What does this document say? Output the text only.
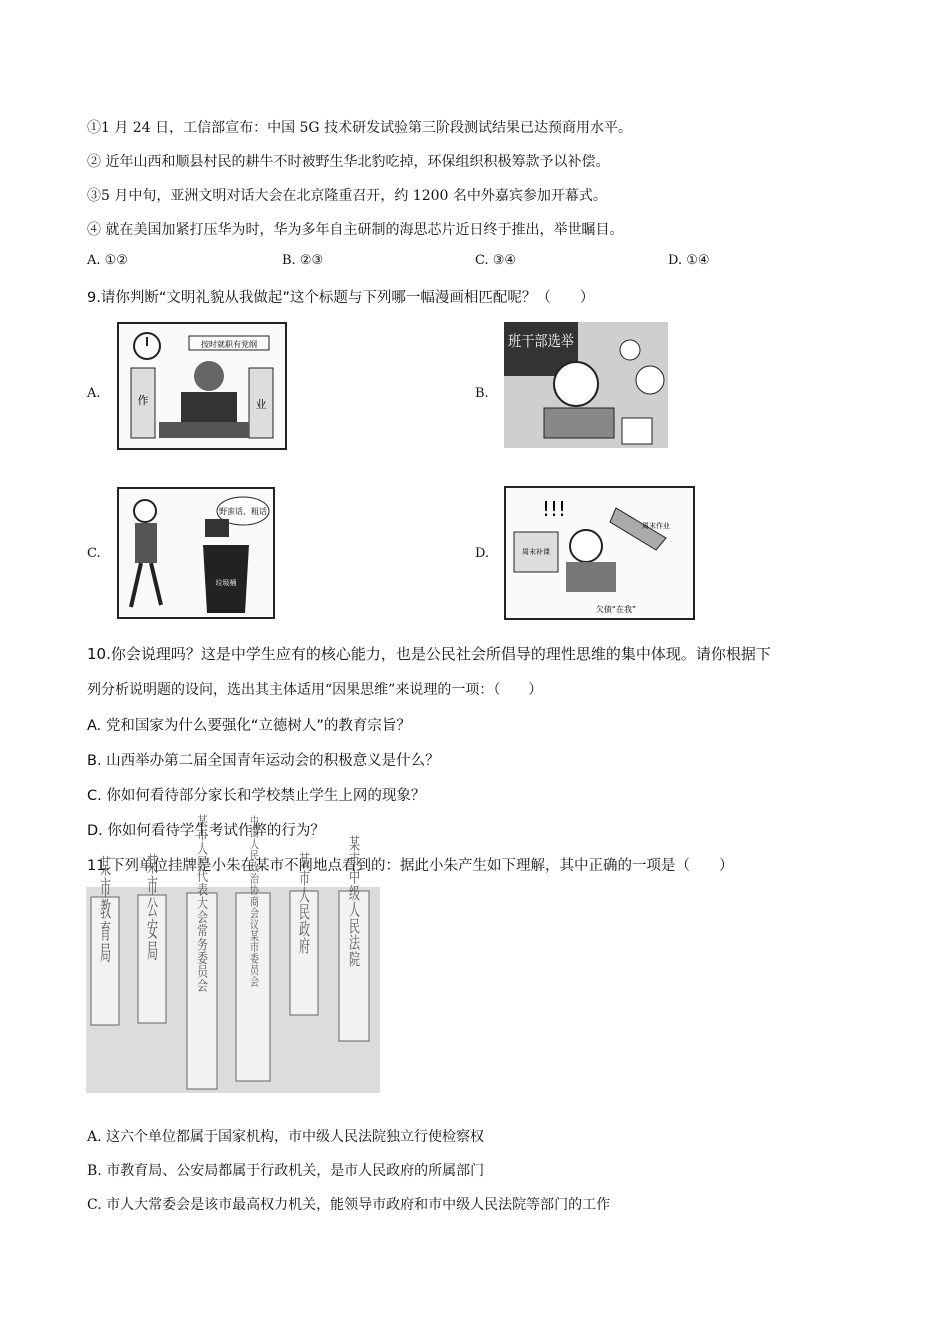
①1 月 24 日，工信部宣布：中国 5G 技术研发试验第三阶段测试结果已达预商用水平。
② 近年山西和顺县村民的耕牛不时被野生华北豹吃掉，环保组织积极筹款予以补偿。
③5 月中旬，亚洲文明对话大会在北京隆重召开，约 1200 名中外嘉宾参加开幕式。
④ 就在美国加紧打压华为时，华为多年自主研制的海思芯片近日终于推出，举世瞩目。
A. ①②	B. ②③	C. ③④	D. ①④
9.请你判断“文明礼貌从我做起”这个标题与下列哪一幅漫画相匹配呢？（　　）
A.
按时就职有党纲
作	业
B.
班干部选举
C.
野蛮话、粗话
垃圾桶
D.
!!!
周末补课
周末作业
欠债“在我”
10.你会说理吗？这是中学生应有的核心能力，也是公民社会所倡导的理性思维的集中体现。请你根据下
列分析说明题的设问，选出其主体适用“因果思维”来说理的一项：（　　）
A. 党和国家为什么要强化“立德树人”的教育宗旨？
B. 山西举办第二届全国青年运动会的积极意义是什么？
C. 你如何看待部分家长和学校禁止学生上网的现象？
D. 你如何看待学生考试作弊的行为？
11.下列单位挂牌是小朱在某市不同地点看到的：据此小朱产生如下理解，其中正确的一项是（　　）
某市教育局	某市公安局	某市人民代表大会常务委员会	中国人民政治协商会议某市委员会	某市人民政府	某市中级人民法院
A. 这六个单位都属于国家机构，市中级人民法院独立行使检察权
B. 市教育局、公安局都属于行政机关，是市人民政府的所属部门
C. 市人大常委会是该市最高权力机关，能领导市政府和市中级人民法院等部门的工作
